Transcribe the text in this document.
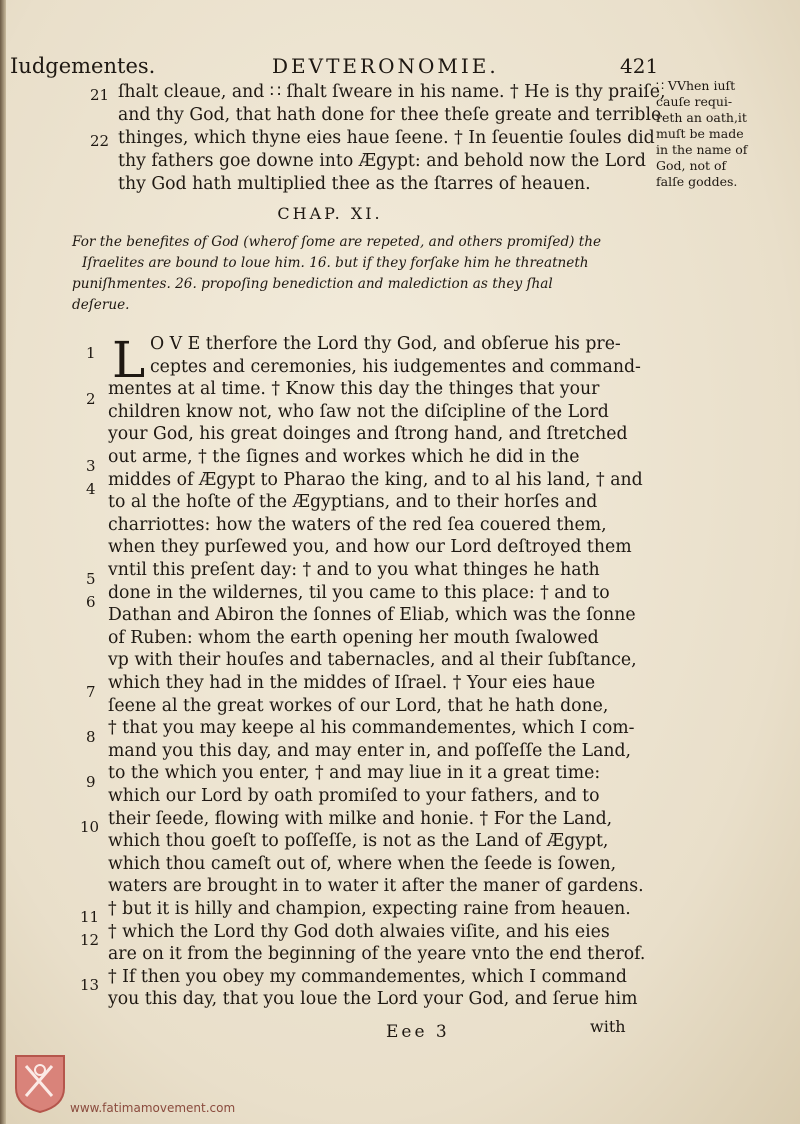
Iudgementes.	DEVTERONOMIE.	421
21
22
ſhalt cleaue, and ∷ ſhalt ſweare in his name. † He is thy praiſe,
and thy God, that hath done for thee theſe greate and terrible
thinges, which thyne eies haue ſeene. † In ſeuentie ſoules did
thy fathers goe downe into Ægypt: and behold now the Lord
thy God hath multiplied thee as the ſtarres of heauen.
∷ VVhen iuſt
cauſe requi-
reth an oath,it
muſt be made
in the name of
God, not of
falſe goddes.
CHAP. XI.
For the benefites of God (wherof ſome are repeted, and others promiſed) the
Iſraelites are bound to loue him. 16. but if they forſake him he threatneth
puniſhmentes. 26. propoſing benediction and malediction as they ſhal
deſerue.
L
1
2
3
4
5
6
7
8
9
10
11
12
13
O V E therfore the Lord thy God, and obſerue his pre-
ceptes and ceremonies, his iudgementes and command-
mentes at al time. † Know this day the thinges that your
children know not, who ſaw not the diſcipline of the Lord
your God, his great doinges and ſtrong hand, and ſtretched
out arme, † the ſignes and workes which he did in the
middes of Ægypt to Pharao the king, and to al his land, † and
to al the hoſte of the Ægyptians, and to their horſes and
charriottes: how the waters of the red ſea couered them,
when they purſewed you, and how our Lord deſtroyed them
vntil this preſent day: † and to you what thinges he hath
done in the wildernes, til you came to this place: † and to
Dathan and Abiron the ſonnes of Eliab, which was the ſonne
of Ruben: whom the earth opening her mouth ſwalowed
vp with their houſes and tabernacles, and al their ſubſtance,
which they had in the middes of Iſrael. † Your eies haue
ſeene al the great workes of our Lord, that he hath done,
† that you may keepe al his commandementes, which I com-
mand you this day, and may enter in, and poſſeſſe the Land,
to the which you enter, † and may liue in it a great time:
which our Lord by oath promiſed to your fathers, and to
their ſeede, flowing with milke and honie. † For the Land,
which thou goeſt to poſſeſſe, is not as the Land of Ægypt,
which thou cameſt out of, where when the ſeede is ſowen,
waters are brought in to water it after the maner of gardens.
† but it is hilly and champion, expecting raine from heauen.
† which the Lord thy God doth alwaies viſite, and his eies
are on it from the beginning of the yeare vnto the end therof.
† If then you obey my commandementes, which I command
you this day, that you loue the Lord your God, and ſerue him
Eee 3	with
www.fatimamovement.com
